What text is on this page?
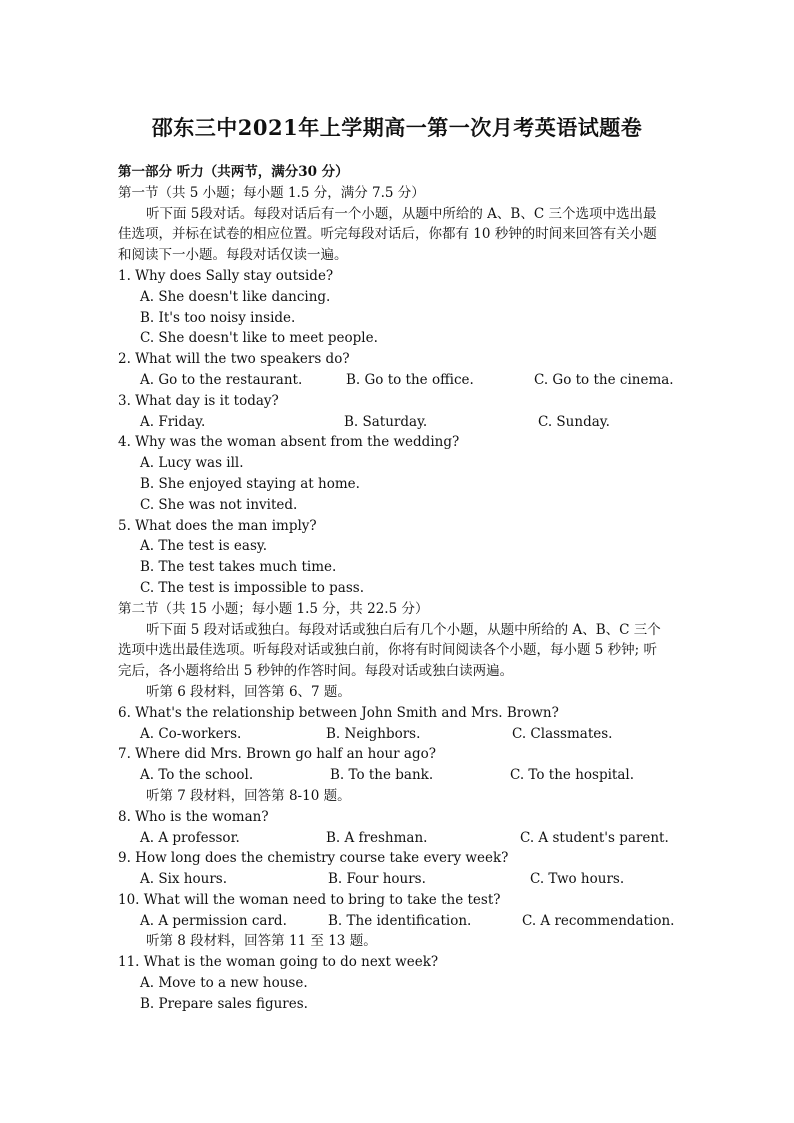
邵东三中2021年上学期高一第一次月考英语试题卷
第一部分 听力（共两节，满分30 分）
第一节（共 5 小题；每小题 1.5 分，满分 7.5 分）
听下面 5段对话。每段对话后有一个小题，从题中所给的 A、B、C 三个选项中选出最
佳选项，并标在试卷的相应位置。听完每段对话后，你都有 10 秒钟的时间来回答有关小题
和阅读下一小题。每段对话仅读一遍。
1. Why does Sally stay outside?
A. She doesn't like dancing.
B. It's too noisy inside.
C. She doesn't like to meet people.
2. What will the two speakers do?
A. Go to the restaurant.	B. Go to the office.	C. Go to the cinema.
3. What day is it today?
A. Friday.	B. Saturday.	C. Sunday.
4. Why was the woman absent from the wedding?
A. Lucy was ill.
B. She enjoyed staying at home.
C. She was not invited.
5. What does the man imply?
A. The test is easy.
B. The test takes much time.
C. The test is impossible to pass.
第二节（共 15 小题；每小题 1.5 分，共 22.5 分）
听下面 5 段对话或独白。每段对话或独白后有几个小题，从题中所给的 A、B、C 三个
选项中选出最佳选项。听每段对话或独白前，你将有时间阅读各个小题，每小题 5 秒钟; 听
完后，各小题将给出 5 秒钟的作答时间。每段对话或独白读两遍。
听第 6 段材料，回答第 6、7 题。
6. What's the relationship between John Smith and Mrs. Brown?
A. Co-workers.	B. Neighbors.	C. Classmates.
7. Where did Mrs. Brown go half an hour ago?
A. To the school.	B. To the bank.	C. To the hospital.
听第 7 段材料，回答第 8-10 题。
8. Who is the woman?
A. A professor.	B. A freshman.	C. A student's parent.
9. How long does the chemistry course take every week?
A. Six hours.	B. Four hours.	C. Two hours.
10. What will the woman need to bring to take the test?
A. A permission card.	B. The identification.	C. A recommendation.
听第 8 段材料，回答第 11 至 13 题。
11. What is the woman going to do next week?
A. Move to a new house.
B. Prepare sales figures.
